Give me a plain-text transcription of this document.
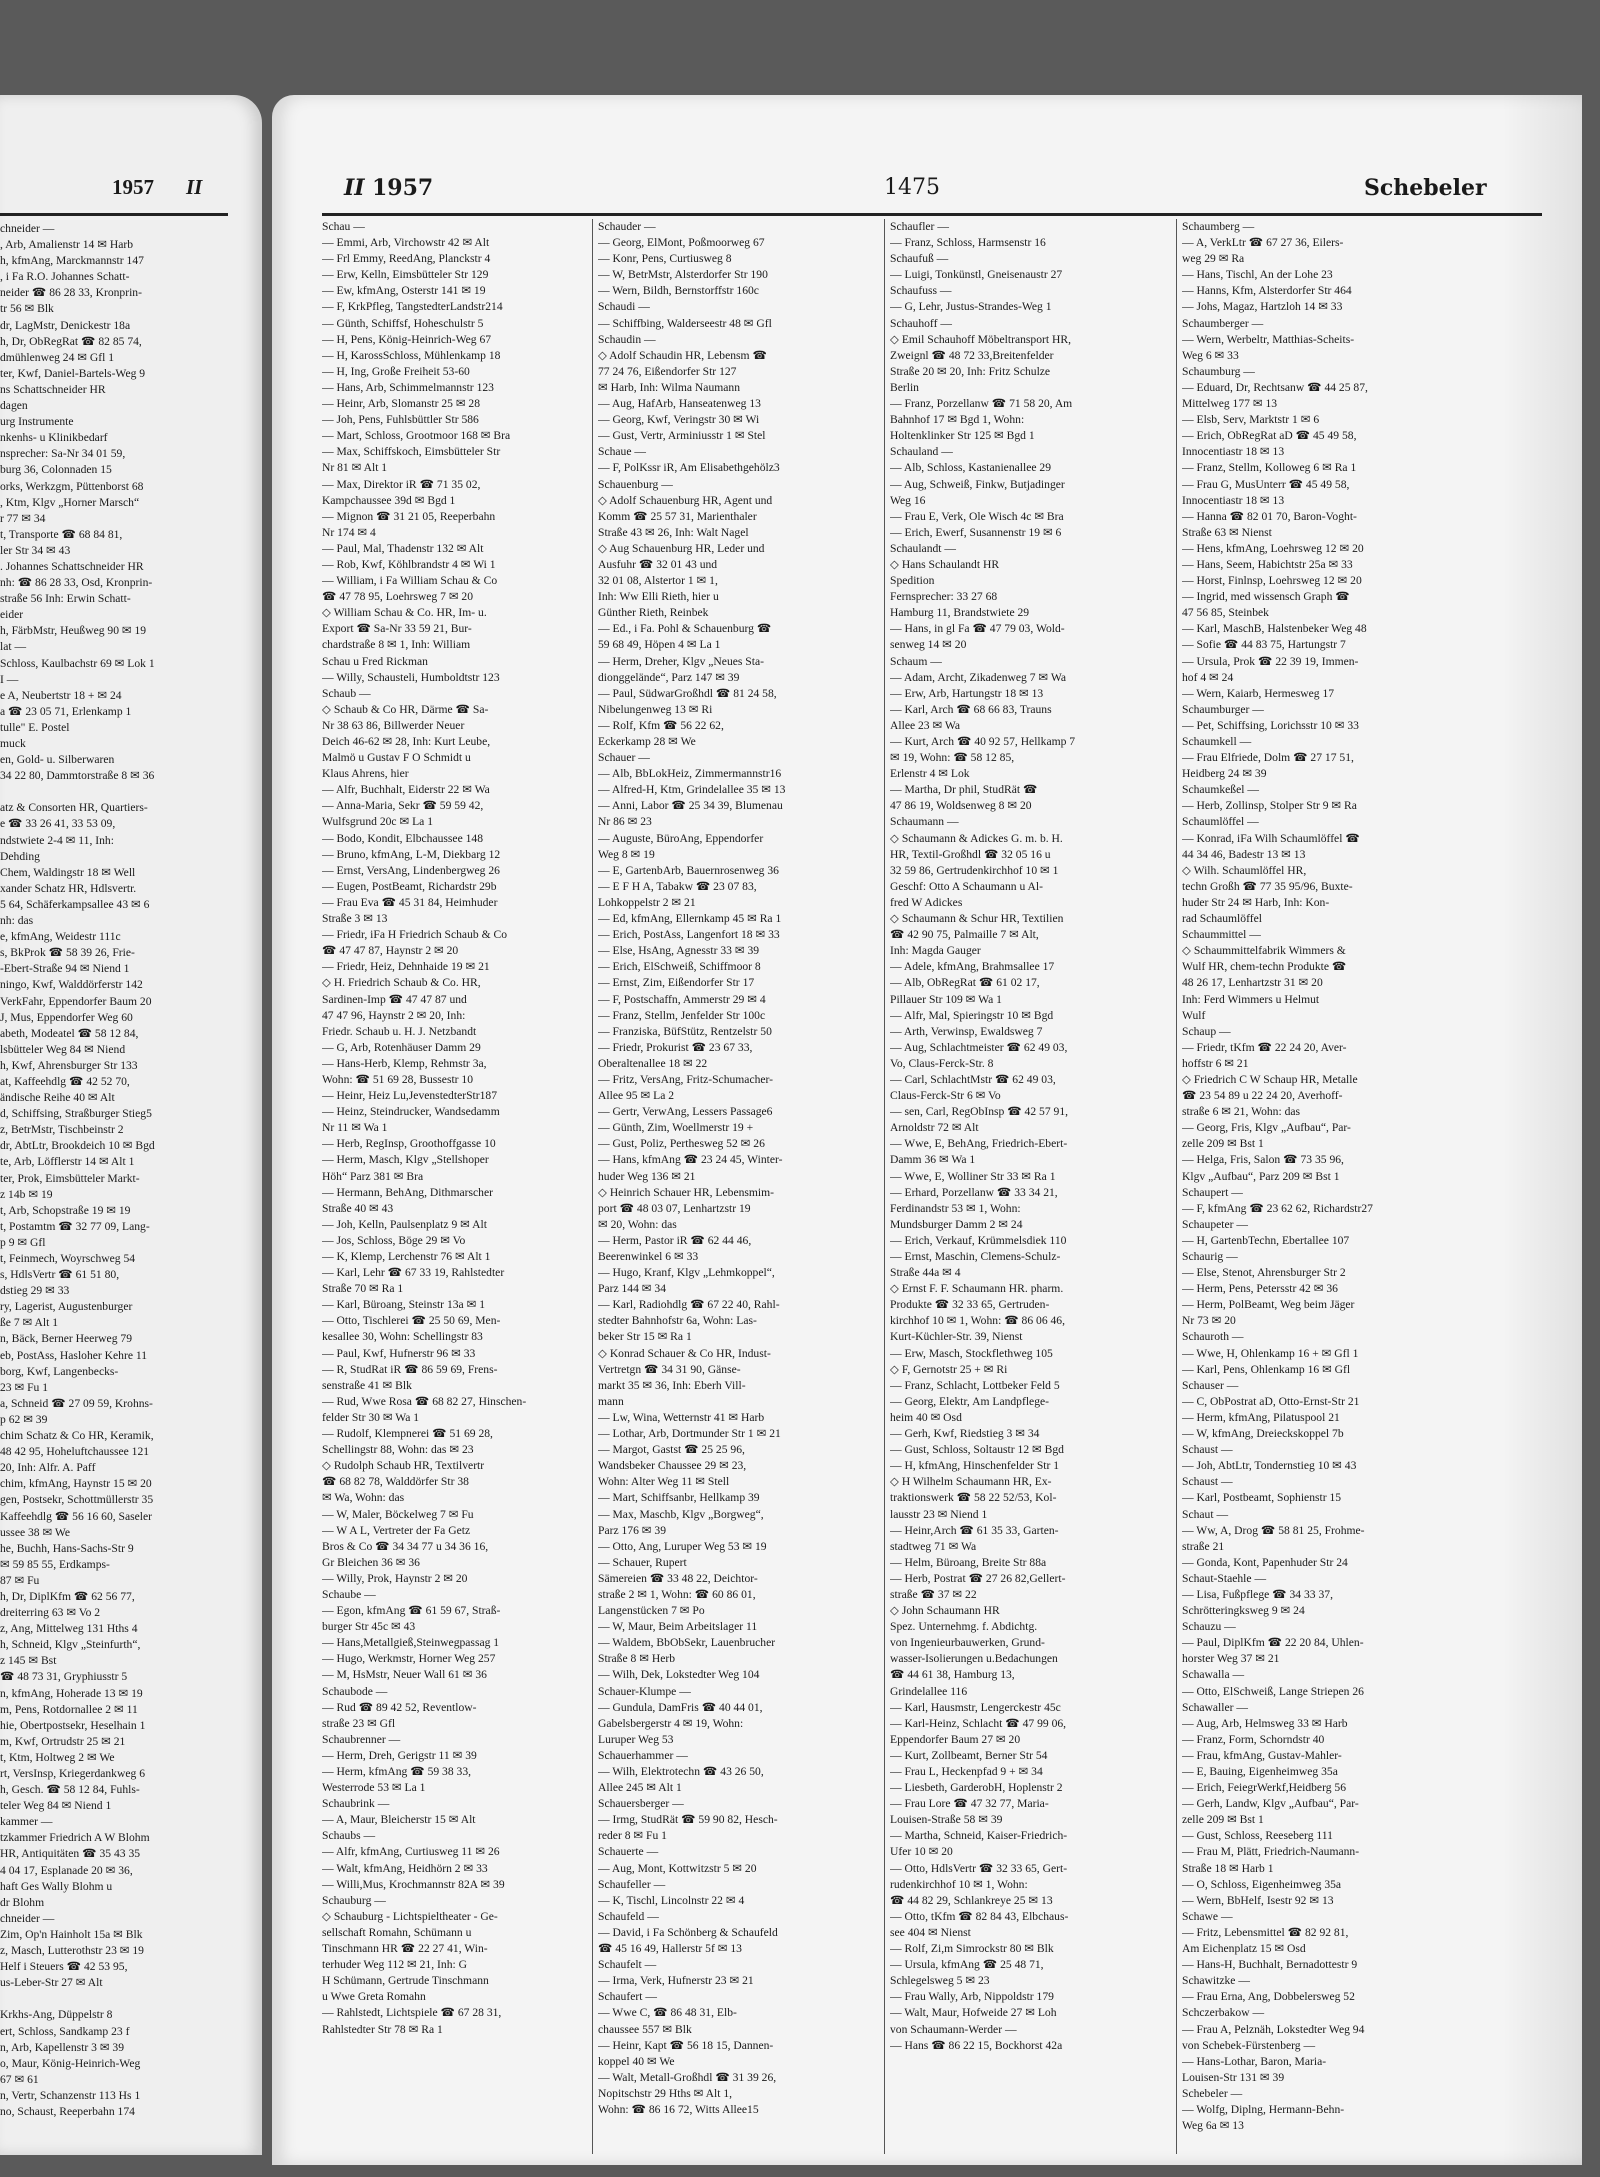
1957 II
chneider —
, Arb, Amalienstr 14 ✉ Harb
h, kfmAng, Marckmannstr 147
, i Fa R.O. Johannes Schatt-
neider ☎ 86 28 33, Kronprin-
tr 56 ✉ Blk
dr, LagMstr, Denickestr 18a
h, Dr, ObRegRat ☎ 82 85 74,
dmühlenweg 24 ✉ Gfl 1
ter, Kwf, Daniel-Bartels-Weg 9
ns Schattschneider HR
dagen
urg Instrumente
nkenhs- u Klinikbedarf
nsprecher: Sa-Nr 34 01 59,
burg 36, Colonnaden 15
orks, Werkzgm, Püttenborst 68
, Ktm, Klgv „Horner Marsch“
r 77 ✉ 34
t, Transporte ☎ 68 84 81,
ler Str 34 ✉ 43
. Johannes Schattschneider HR
nh: ☎ 86 28 33, Osd, Kronprin-
straße 56 Inh: Erwin Schatt-
eider
h, FärbMstr, Heußweg 90 ✉ 19
lat —
Schloss, Kaulbachstr 69 ✉ Lok 1
I —
e A, Neubertstr 18 + ✉ 24
a ☎ 23 05 71, Erlenkamp 1
tulle" E. Postel
muck
en, Gold- u. Silberwaren
34 22 80, Dammtorstraße 8 ✉ 36

atz & Consorten HR, Quartiers-
e ☎ 33 26 41, 33 53 09,
ndstwiete 2-4 ✉ 11, Inh:
Dehding
Chem, Waldingstr 18 ✉ Well
xander Schatz HR, Hdlsvertr.
5 64, Schäferkampsallee 43 ✉ 6
nh: das
e, kfmAng, Weidestr 111c
s, BkProk ☎ 58 39 26, Frie-
-Ebert-Straße 94 ✉ Niend 1
ningo, Kwf, Walddörferstr 142
VerkFahr, Eppendorfer Baum 20
J, Mus, Eppendorfer Weg 60
abeth, Modeatel ☎ 58 12 84,
lsbütteler Weg 84 ✉ Niend
h, Kwf, Ahrensburger Str 133
at, Kaffeehdlg ☎ 42 52 70,
ändische Reihe 40 ✉ Alt
d, Schiffsing, Straßburger Stieg5
z, BetrMstr, Tischbeinstr 2
dr, AbtLtr, Brookdeich 10 ✉ Bgd
te, Arb, Löfflerstr 14 ✉ Alt 1
ter, Prok, Eimsbütteler Markt-
z 14b ✉ 19
t, Arb, Schopstraße 19 ✉ 19
t, Postamtm ☎ 32 77 09, Lang-
p 9 ✉ Gfl
t, Feinmech, Woyrschweg 54
s, HdlsVertr ☎ 61 51 80,
dstieg 29 ✉ 33
ry, Lagerist, Augustenburger
ße 7 ✉ Alt 1
n, Bäck, Berner Heerweg 79
eb, PostAss, Hasloher Kehre 11
borg, Kwf, Langenbecks-
23 ✉ Fu 1
a, Schneid ☎ 27 09 59, Krohns-
p 62 ✉ 39
chim Schatz & Co HR, Keramik,
48 42 95, Hoheluftchaussee 121
20, Inh: Alfr. A. Paff
chim, kfmAng, Haynstr 15 ✉ 20
gen, Postsekr, Schottmüllerstr 35
Kaffeehdlg ☎ 56 16 60, Saseler
ussee 38 ✉ We
he, Buchh, Hans-Sachs-Str 9
✉ 59 85 55, Erdkamps-
87 ✉ Fu
h, Dr, DiplKfm ☎ 62 56 77,
dreiterring 63 ✉ Vo 2
z, Ang, Mittelweg 131 Hths 4
h, Schneid, Klgv „Steinfurth“,
z 145 ✉ Bst
☎ 48 73 31, Gryphiusstr 5
n, kfmAng, Hoherade 13 ✉ 19
m, Pens, Rotdornallee 2 ✉ 11
hie, Obertpostsekr, Heselhain 1
m, Kwf, Ortrudstr 25 ✉ 21
t, Ktm, Holtweg 2 ✉ We
rt, VersInsp, Kriegerdankweg 6
h, Gesch. ☎ 58 12 84, Fuhls-
teler Weg 84 ✉ Niend 1
kammer —
tzkammer Friedrich A W Blohm
HR, Antiquitäten ☎ 35 43 35
4 04 17, Esplanade 20 ✉ 36,
haft Ges Wally Blohm u
dr Blohm
chneider —
Zim, Op'n Hainholt 15a ✉ Blk
z, Masch, Lutterothstr 23 ✉ 19
Helf i Steuers ☎ 42 53 95,
us-Leber-Str 27 ✉ Alt

Krkhs-Ang, Düppelstr 8
ert, Schloss, Sandkamp 23 f
n, Arb, Kapellenstr 3 ✉ 39
o, Maur, König-Heinrich-Weg
67 ✉ 61
n, Vertr, Schanzenstr 113 Hs 1
no, Schaust, Reeperbahn 174
II 1957	1475	Schebeler
Schau —
— Emmi, Arb, Virchowstr 42 ✉ Alt
— Frl Emmy, ReedAng, Planckstr 4
— Erw, Kelln, Eimsbütteler Str 129
— Ew, kfmAng, Osterstr 141 ✉ 19
— F, KrkPfleg, TangstedterLandstr214
— Günth, Schiffsf, Hoheschulstr 5
— H, Pens, König-Heinrich-Weg 67
— H, KarossSchloss, Mühlenkamp 18
— H, Ing, Große Freiheit 53-60
— Hans, Arb, Schimmelmannstr 123
— Heinr, Arb, Slomanstr 25 ✉ 28
— Joh, Pens, Fuhlsbüttler Str 586
— Mart, Schloss, Grootmoor 168 ✉ Bra
— Max, Schiffskoch, Eimsbütteler Str
Nr 81 ✉ Alt 1
— Max, Direktor iR ☎ 71 35 02,
Kampchaussee 39d ✉ Bgd 1
— Mignon ☎ 31 21 05, Reeperbahn
Nr 174 ✉ 4
— Paul, Mal, Thadenstr 132 ✉ Alt
— Rob, Kwf, Köhlbrandstr 4 ✉ Wi 1
— William, i Fa William Schau & Co
☎ 47 78 95, Loehrsweg 7 ✉ 20
◇ William Schau & Co. HR, Im- u.
Export ☎ Sa-Nr 33 59 21, Bur-
chardstraße 8 ✉ 1, Inh: William
Schau u Fred Rickman
— Willy, Schausteli, Humboldtstr 123
Schaub —
◇ Schaub & Co HR, Därme ☎ Sa-
Nr 38 63 86, Billwerder Neuer
Deich 46-62 ✉ 28, Inh: Kurt Leube,
Malmö u Gustav F O Schmidt u
Klaus Ahrens, hier
— Alfr, Buchhalt, Eiderstr 22 ✉ Wa
— Anna-Maria, Sekr ☎ 59 59 42,
Wulfsgrund 20c ✉ La 1
— Bodo, Kondit, Elbchaussee 148
— Bruno, kfmAng, L-M, Diekbarg 12
— Ernst, VersAng, Lindenbergweg 26
— Eugen, PostBeamt, Richardstr 29b
— Frau Eva ☎ 45 31 84, Heimhuder
Straße 3 ✉ 13
— Friedr, iFa H Friedrich Schaub & Co
☎ 47 47 87, Haynstr 2 ✉ 20
— Friedr, Heiz, Dehnhaide 19 ✉ 21
◇ H. Friedrich Schaub & Co. HR,
Sardinen-Imp ☎ 47 47 87 und
47 47 96, Haynstr 2 ✉ 20, Inh:
Friedr. Schaub u. H. J. Netzbandt
— G, Arb, Rotenhäuser Damm 29
— Hans-Herb, Klemp, Rehmstr 3a,
Wohn: ☎ 51 69 28, Bussestr 10
— Heinr, Heiz Lu,JevenstedterStr187
— Heinz, Steindrucker, Wandsedamm
Nr 11 ✉ Wa 1
— Herb, RegInsp, Groothoffgasse 10
— Herm, Masch, Klgv „Stellshoper
Höh“ Parz 381 ✉ Bra
— Hermann, BehAng, Dithmarscher
Straße 40 ✉ 43
— Joh, Kelln, Paulsenplatz 9 ✉ Alt
— Jos, Schloss, Böge 29 ✉ Vo
— K, Klemp, Lerchenstr 76 ✉ Alt 1
— Karl, Lehr ☎ 67 33 19, Rahlstedter
Straße 70 ✉ Ra 1
— Karl, Büroang, Steinstr 13a ✉ 1
— Otto, Tischlerei ☎ 25 50 69, Men-
kesallee 30, Wohn: Schellingstr 83
— Paul, Kwf, Hufnerstr 96 ✉ 33
— R, StudRat iR ☎ 86 59 69, Frens-
senstraße 41 ✉ Blk
— Rud, Wwe Rosa ☎ 68 82 27, Hinschen-
felder Str 30 ✉ Wa 1
— Rudolf, Klempnerei ☎ 51 69 28,
Schellingstr 88, Wohn: das ✉ 23
◇ Rudolph Schaub HR, Textilvertr
☎ 68 82 78, Walddörfer Str 38
✉ Wa, Wohn: das
— W, Maler, Böckelweg 7 ✉ Fu
— W A L, Vertreter der Fa Getz
Bros & Co ☎ 34 34 77 u 34 36 16,
Gr Bleichen 36 ✉ 36
— Willy, Prok, Haynstr 2 ✉ 20
Schaube —
— Egon, kfmAng ☎ 61 59 67, Straß-
burger Str 45c ✉ 43
— Hans,Metallgieß,Steinwegpassag 1
— Hugo, Werkmstr, Horner Weg 257
— M, HsMstr, Neuer Wall 61 ✉ 36
Schaubode —
— Rud ☎ 89 42 52, Reventlow-
straße 23 ✉ Gfl
Schaubrenner —
— Herm, Dreh, Gerigstr 11 ✉ 39
— Herm, kfmAng ☎ 59 38 33,
Westerrode 53 ✉ La 1
Schaubrink —
— A, Maur, Bleicherstr 15 ✉ Alt
Schaubs —
— Alfr, kfmAng, Curtiusweg 11 ✉ 26
— Walt, kfmAng, Heidhörn 2 ✉ 33
— Willi,Mus, Krochmannstr 82A ✉ 39
Schauburg —
◇ Schauburg - Lichtspieltheater - Ge-
sellschaft Romahn, Schümann u
Tinschmann HR ☎ 22 27 41, Win-
terhuder Weg 112 ✉ 21, Inh: G
H Schümann, Gertrude Tinschmann
u Wwe Greta Romahn
— Rahlstedt, Lichtspiele ☎ 67 28 31,
Rahlstedter Str 78 ✉ Ra 1
Schauder —
— Georg, ElMont, Poßmoorweg 67
— Konr, Pens, Curtiusweg 8
— W, BetrMstr, Alsterdorfer Str 190
— Wern, Bildh, Bernstorffstr 160c
Schaudi —
— Schiffbing, Walderseestr 48 ✉ Gfl
Schaudin —
◇ Adolf Schaudin HR, Lebensm ☎
77 24 76, Eißendorfer Str 127
✉ Harb, Inh: Wilma Naumann
— Aug, HafArb, Hanseatenweg 13
— Georg, Kwf, Veringstr 30 ✉ Wi
— Gust, Vertr, Arminiusstr 1 ✉ Stel
Schaue —
— F, PolKssr iR, Am Elisabethgehölz3
Schauenburg —
◇ Adolf Schauenburg HR, Agent und
Komm ☎ 25 57 31, Marienthaler
Straße 43 ✉ 26, Inh: Walt Nagel
◇ Aug Schauenburg HR, Leder und
Ausfuhr ☎ 32 01 43 und
32 01 08, Alstertor 1 ✉ 1,
Inh: Ww Elli Rieth, hier u
Günther Rieth, Reinbek
— Ed., i Fa. Pohl & Schauenburg ☎
59 68 49, Höpen 4 ✉ La 1
— Herm, Dreher, Klgv „Neues Sta-
dionggelände“, Parz 147 ✉ 39
— Paul, SüdwarGroßhdl ☎ 81 24 58,
Nibelungenweg 13 ✉ Ri
— Rolf, Kfm ☎ 56 22 62,
Eckerkamp 28 ✉ We
Schauer —
— Alb, BbLokHeiz, Zimmermannstr16
— Alfred-H, Ktm, Grindelallee 35 ✉ 13
— Anni, Labor ☎ 25 34 39, Blumenau
Nr 86 ✉ 23
— Auguste, BüroAng, Eppendorfer
Weg 8 ✉ 19
— E, GartenbArb, Bauernrosenweg 36
— E F H A, Tabakw ☎ 23 07 83,
Lohkoppelstr 2 ✉ 21
— Ed, kfmAng, Ellernkamp 45 ✉ Ra 1
— Erich, PostAss, Langenfort 18 ✉ 33
— Else, HsAng, Agnesstr 33 ✉ 39
— Erich, ElSchweiß, Schiffmoor 8
— Ernst, Zim, Eißendorfer Str 17
— F, Postschaffn, Ammerstr 29 ✉ 4
— Franz, Stellm, Jenfelder Str 100c
— Franziska, BüfStütz, Rentzelstr 50
— Friedr, Prokurist ☎ 23 67 33,
Oberaltenallee 18 ✉ 22
— Fritz, VersAng, Fritz-Schumacher-
Allee 95 ✉ La 2
— Gertr, VerwAng, Lessers Passage6
— Günth, Zim, Woellmerstr 19 +
— Gust, Poliz, Perthesweg 52 ✉ 26
— Hans, kfmAng ☎ 23 24 45, Winter-
huder Weg 136 ✉ 21
◇ Heinrich Schauer HR, Lebensmim-
port ☎ 48 03 07, Lenhartzstr 19
✉ 20, Wohn: das
— Herm, Pastor iR ☎ 62 44 46,
Beerenwinkel 6 ✉ 33
— Hugo, Kranf, Klgv „Lehmkoppel“,
Parz 144 ✉ 34
— Karl, Radiohdlg ☎ 67 22 40, Rahl-
stedter Bahnhofstr 6a, Wohn: Las-
beker Str 15 ✉ Ra 1
◇ Konrad Schauer & Co HR, Indust-
Vertretgn ☎ 34 31 90, Gänse-
markt 35 ✉ 36, Inh: Eberh Vill-
mann
— Lw, Wina, Wetternstr 41 ✉ Harb
— Lothar, Arb, Dortmunder Str 1 ✉ 21
— Margot, Gastst ☎ 25 25 96,
Wandsbeker Chaussee 29 ✉ 23,
Wohn: Alter Weg 11 ✉ Stell
— Mart, Schiffsanbr, Hellkamp 39
— Max, Maschb, Klgv „Borgweg“,
Parz 176 ✉ 39
— Otto, Ang, Luruper Weg 53 ✉ 19
— Schauer, Rupert
Sämereien ☎ 33 48 22, Deichtor-
straße 2 ✉ 1, Wohn: ☎ 60 86 01,
Langenstücken 7 ✉ Po
— W, Maur, Beim Arbeitslager 11
— Waldem, BbObSekr, Lauenbrucher
Straße 8 ✉ Herb
— Wilh, Dek, Lokstedter Weg 104
Schauer-Klumpe —
— Gundula, DamFris ☎ 40 44 01,
Gabelsbergerstr 4 ✉ 19, Wohn:
Luruper Weg 53
Schauerhammer —
— Wilh, Elektrotechn ☎ 43 26 50,
Allee 245 ✉ Alt 1
Schauersberger —
— Irmg, StudRät ☎ 59 90 82, Hesch-
reder 8 ✉ Fu 1
Schauerte —
— Aug, Mont, Kottwitzstr 5 ✉ 20
Schaufeller —
— K, Tischl, Lincolnstr 22 ✉ 4
Schaufeld —
— David, i Fa Schönberg & Schaufeld
☎ 45 16 49, Hallerstr 5f ✉ 13
Schaufelt —
— Irma, Verk, Hufnerstr 23 ✉ 21
Schaufert —
— Wwe C, ☎ 86 48 31, Elb-
chaussee 557 ✉ Blk
— Heinr, Kapt ☎ 56 18 15, Dannen-
koppel 40 ✉ We
— Walt, Metall-Großhdl ☎ 31 39 26,
Nopitschstr 29 Hths ✉ Alt 1,
Wohn: ☎ 86 16 72, Witts Allee15
Schaufler —
— Franz, Schloss, Harmsenstr 16
Schaufuß —
— Luigi, Tonkünstl, Gneisenaustr 27
Schaufuss —
— G, Lehr, Justus-Strandes-Weg 1
Schauhoff —
◇ Emil Schauhoff Möbeltransport HR,
Zweignl ☎ 48 72 33,Breitenfelder
Straße 20 ✉ 20, Inh: Fritz Schulze
Berlin
— Franz, Porzellanw ☎ 71 58 20, Am
Bahnhof 17 ✉ Bgd 1, Wohn:
Holtenklinker Str 125 ✉ Bgd 1
Schauland —
— Alb, Schloss, Kastanienallee 29
— Aug, Schweiß, Finkw, Butjadinger
Weg 16
— Frau E, Verk, Ole Wisch 4c ✉ Bra
— Erich, Ewerf, Susannenstr 19 ✉ 6
Schaulandt —
◇ Hans Schaulandt HR
Spedition
Fernsprecher: 33 27 68
Hamburg 11, Brandstwiete 29
— Hans, in gl Fa ☎ 47 79 03, Wold-
senweg 14 ✉ 20
Schaum —
— Adam, Archt, Zikadenweg 7 ✉ Wa
— Erw, Arb, Hartungstr 18 ✉ 13
— Karl, Arch ☎ 68 66 83, Trauns
Allee 23 ✉ Wa
— Kurt, Arch ☎ 40 92 57, Hellkamp 7
✉ 19, Wohn: ☎ 58 12 85,
Erlenstr 4 ✉ Lok
— Martha, Dr phil, StudRät ☎
47 86 19, Woldsenweg 8 ✉ 20
Schaumann —
◇ Schaumann & Adickes G. m. b. H.
HR, Textil-Großhdl ☎ 32 05 16 u
32 59 86, Gertrudenkirchhof 10 ✉ 1
Geschf: Otto A Schaumann u Al-
fred W Adickes
◇ Schaumann & Schur HR, Textilien
☎ 42 90 75, Palmaille 7 ✉ Alt,
Inh: Magda Gauger
— Adele, kfmAng, Brahmsallee 17
— Alb, ObRegRat ☎ 61 02 17,
Pillauer Str 109 ✉ Wa 1
— Alfr, Mal, Spieringstr 10 ✉ Bgd
— Arth, Verwinsp, Ewaldsweg 7
— Aug, Schlachtmeister ☎ 62 49 03,
Vo, Claus-Ferck-Str. 8
— Carl, SchlachtMstr ☎ 62 49 03,
Claus-Ferck-Str 6 ✉ Vo
— sen, Carl, RegObInsp ☎ 42 57 91,
Arnoldstr 72 ✉ Alt
— Wwe, E, BehAng, Friedrich-Ebert-
Damm 36 ✉ Wa 1
— Wwe, E, Wolliner Str 33 ✉ Ra 1
— Erhard, Porzellanw ☎ 33 34 21,
Ferdinandstr 53 ✉ 1, Wohn:
Mundsburger Damm 2 ✉ 24
— Erich, Verkauf, Krümmelsdiek 110
— Ernst, Maschin, Clemens-Schulz-
Straße 44a ✉ 4
◇ Ernst F. F. Schaumann HR. pharm.
Produkte ☎ 32 33 65, Gertruden-
kirchhof 10 ✉ 1, Wohn: ☎ 86 06 46,
Kurt-Küchler-Str. 39, Nienst
— Erw, Masch, Stockflethweg 105
◇ F, Gernotstr 25 + ✉ Ri
— Franz, Schlacht, Lottbeker Feld 5
— Georg, Elektr, Am Landpflege-
heim 40 ✉ Osd
— Gerh, Kwf, Riedstieg 3 ✉ 34
— Gust, Schloss, Soltaustr 12 ✉ Bgd
— H, kfmAng, Hinschenfelder Str 1
◇ H Wilhelm Schaumann HR, Ex-
traktionswerk ☎ 58 22 52/53, Kol-
lausstr 23 ✉ Niend 1
— Heinr,Arch ☎ 61 35 33, Garten-
stadtweg 71 ✉ Wa
— Helm, Büroang, Breite Str 88a
— Herb, Postrat ☎ 27 26 82,Gellert-
straße ☎ 37 ✉ 22
◇ John Schaumann HR
Spez. Unternehmg. f. Abdichtg.
von Ingenieurbauwerken, Grund-
wasser-Isolierungen u.Bedachungen
☎ 44 61 38, Hamburg 13,
Grindelallee 116
— Karl, Hausmstr, Lengerckestr 45c
— Karl-Heinz, Schlacht ☎ 47 99 06,
Eppendorfer Baum 27 ✉ 20
— Kurt, Zollbeamt, Berner Str 54
— Frau L, Heckenpfad 9 + ✉ 34
— Liesbeth, GarderobH, Hoplenstr 2
— Frau Lore ☎ 47 32 77, Maria-
Louisen-Straße 58 ✉ 39
— Martha, Schneid, Kaiser-Friedrich-
Ufer 10 ✉ 20
— Otto, HdlsVertr ☎ 32 33 65, Gert-
rudenkirchhof 10 ✉ 1, Wohn:
☎ 44 82 29, Schlankreye 25 ✉ 13
— Otto, tKfm ☎ 82 84 43, Elbchaus-
see 404 ✉ Nienst
— Rolf, Zi,m Simrockstr 80 ✉ Blk
— Ursula, kfmAng ☎ 25 48 71,
Schlegelsweg 5 ✉ 23
— Frau Wally, Arb, Nippoldstr 179
— Walt, Maur, Hofweide 27 ✉ Loh
von Schaumann-Werder —
— Hans ☎ 86 22 15, Bockhorst 42a
Schaumberg —
— A, VerkLtr ☎ 67 27 36, Eilers-
weg 29 ✉ Ra
— Hans, Tischl, An der Lohe 23
— Hanns, Kfm, Alsterdorfer Str 464
— Johs, Magaz, Hartzloh 14 ✉ 33
Schaumberger —
— Wern, Werbeltr, Matthias-Scheits-
Weg 6 ✉ 33
Schaumburg —
— Eduard, Dr, Rechtsanw ☎ 44 25 87,
Mittelweg 177 ✉ 13
— Elsb, Serv, Marktstr 1 ✉ 6
— Erich, ObRegRat aD ☎ 45 49 58,
Innocentiastr 18 ✉ 13
— Franz, Stellm, Kolloweg 6 ✉ Ra 1
— Frau G, MusUnterr ☎ 45 49 58,
Innocentiastr 18 ✉ 13
— Hanna ☎ 82 01 70, Baron-Voght-
Straße 63 ✉ Nienst
— Hens, kfmAng, Loehrsweg 12 ✉ 20
— Hans, Seem, Habichtstr 25a ✉ 33
— Horst, Finlnsp, Loehrsweg 12 ✉ 20
— Ingrid, med wissensch Graph ☎
47 56 85, Steinbek
— Karl, MaschB, Halstenbeker Weg 48
— Sofie ☎ 44 83 75, Hartungstr 7
— Ursula, Prok ☎ 22 39 19, Immen-
hof 4 ✉ 24
— Wern, Kaiarb, Hermesweg 17
Schaumburger —
— Pet, Schiffsing, Lorichsstr 10 ✉ 33
Schaumkell —
— Frau Elfriede, Dolm ☎ 27 17 51,
Heidberg 24 ✉ 39
Schaumkeßel —
— Herb, Zollinsp, Stolper Str 9 ✉ Ra
Schaumlöffel —
— Konrad, iFa Wilh Schaumlöffel ☎
44 34 46, Badestr 13 ✉ 13
◇ Wilh. Schaumlöffel HR,
techn Großh ☎ 77 35 95/96, Buxte-
huder Str 24 ✉ Harb, Inh: Kon-
rad Schaumlöffel
Schaummittel —
◇ Schaummittelfabrik Wimmers &
Wulf HR, chem-techn Produkte ☎
48 26 17, Lenhartzstr 31 ✉ 20
Inh: Ferd Wimmers u Helmut
Wulf
Schaup —
— Friedr, tKfm ☎ 22 24 20, Aver-
hoffstr 6 ✉ 21
◇ Friedrich C W Schaup HR, Metalle
☎ 23 54 89 u 22 24 20, Averhoff-
straße 6 ✉ 21, Wohn: das
— Georg, Fris, Klgv „Aufbau“, Par-
zelle 209 ✉ Bst 1
— Helga, Fris, Salon ☎ 73 35 96,
Klgv „Aufbau“, Parz 209 ✉ Bst 1
Schaupert —
— F, kfmAng ☎ 23 62 62, Richardstr27
Schaupeter —
— H, GartenbTechn, Ebertallee 107
Schaurig —
— Else, Stenot, Ahrensburger Str 2
— Herm, Pens, Petersstr 42 ✉ 36
— Herm, PolBeamt, Weg beim Jäger
Nr 73 ✉ 20
Schauroth —
— Wwe, H, Ohlenkamp 16 + ✉ Gfl 1
— Karl, Pens, Ohlenkamp 16 ✉ Gfl
Schauser —
— C, ObPostrat aD, Otto-Ernst-Str 21
— Herm, kfmAng, Pilatuspool 21
— W, kfmAng, Dreieckskoppel 7b
Schaust —
— Joh, AbtLtr, Tondernstieg 10 ✉ 43
Schaust —
— Karl, Postbeamt, Sophienstr 15
Schaut —
— Ww, A, Drog ☎ 58 81 25, Frohme-
straße 21
— Gonda, Kont, Papenhuder Str 24
Schaut-Staehle —
— Lisa, Fußpflege ☎ 34 33 37,
Schrötteringksweg 9 ✉ 24
Schauzu —
— Paul, DiplKfm ☎ 22 20 84, Uhlen-
horster Weg 37 ✉ 21
Schawalla —
— Otto, ElSchweiß, Lange Striepen 26
Schawaller —
— Aug, Arb, Helmsweg 33 ✉ Harb
— Franz, Form, Schorndstr 40
— Frau, kfmAng, Gustav-Mahler-
— E, Bauing, Eigenheimweg 35a
— Erich, FeiegrWerkf,Heidberg 56
— Gerh, Landw, Klgv „Aufbau“, Par-
zelle 209 ✉ Bst 1
— Gust, Schloss, Reeseberg 111
— Frau M, Plätt, Friedrich-Naumann-
Straße 18 ✉ Harb 1
— O, Schloss, Eigenheimweg 35a
— Wern, BbHelf, Isestr 92 ✉ 13
Schawe —
— Fritz, Lebensmittel ☎ 82 92 81,
Am Eichenplatz 15 ✉ Osd
— Hans-H, Buchhalt, Bernadottestr 9
Schawitzke —
— Frau Erna, Ang, Dobbelersweg 52
Schczerbakow —
— Frau A, Pelznäh, Lokstedter Weg 94
von Schebek-Fürstenberg —
— Hans-Lothar, Baron, Maria-
Louisen-Str 131 ✉ 39
Schebeler —
— Wolfg, Diplng, Hermann-Behn-
Weg 6a ✉ 13
